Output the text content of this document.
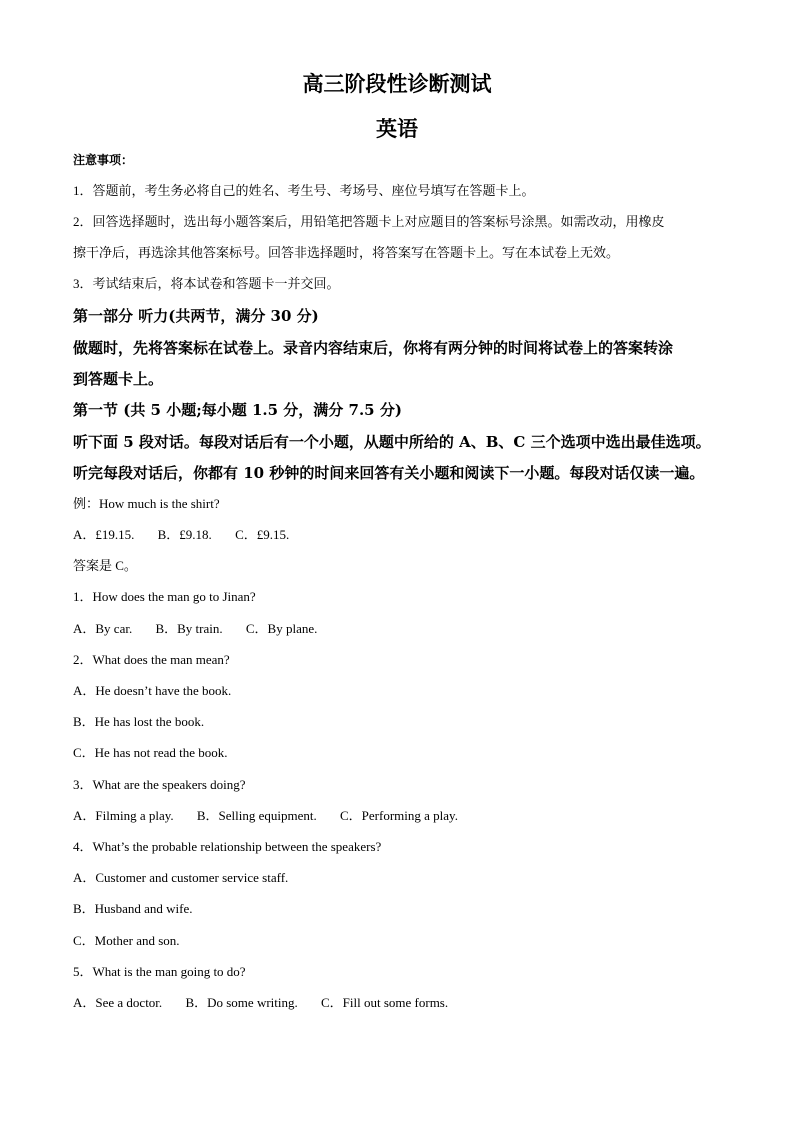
高三阶段性诊断测试
英语
注意事项：
1．答题前，考生务必将自己的姓名、考生号、考场号、座位号填写在答题卡上。
2．回答选择题时，选出每小题答案后，用铅笔把答题卡上对应题目的答案标号涂黑。如需改动，用橡皮
擦干净后，再选涂其他答案标号。回答非选择题时，将答案写在答题卡上。写在本试卷上无效。
3．考试结束后，将本试卷和答题卡一并交回。
第一部分 听力(共两节，满分 30 分)
做题时，先将答案标在试卷上。录音内容结束后，你将有两分钟的时间将试卷上的答案转涂
到答题卡上。
第一节 (共 5 小题;每小题 1.5 分，满分 7.5 分)
听下面 5 段对话。每段对话后有一个小题，从题中所给的 A、B、C 三个选项中选出最佳选项。
听完每段对话后，你都有 10 秒钟的时间来回答有关小题和阅读下一小题。每段对话仅读一遍。
例：How much is the shirt?
A．£19.15. B．£9.18. C．£9.15.
答案是 C。
1．How does the man go to Jinan?
A．By car. B．By train. C．By plane.
2．What does the man mean?
A．He doesn’t have the book.
B．He has lost the book.
C．He has not read the book.
3．What are the speakers doing?
A．Filming a play. B．Selling equipment. C．Performing a play.
4．What’s the probable relationship between the speakers?
A．Customer and customer service staff.
B．Husband and wife.
C．Mother and son.
5．What is the man going to do?
A．See a doctor. B．Do some writing. C．Fill out some forms.
